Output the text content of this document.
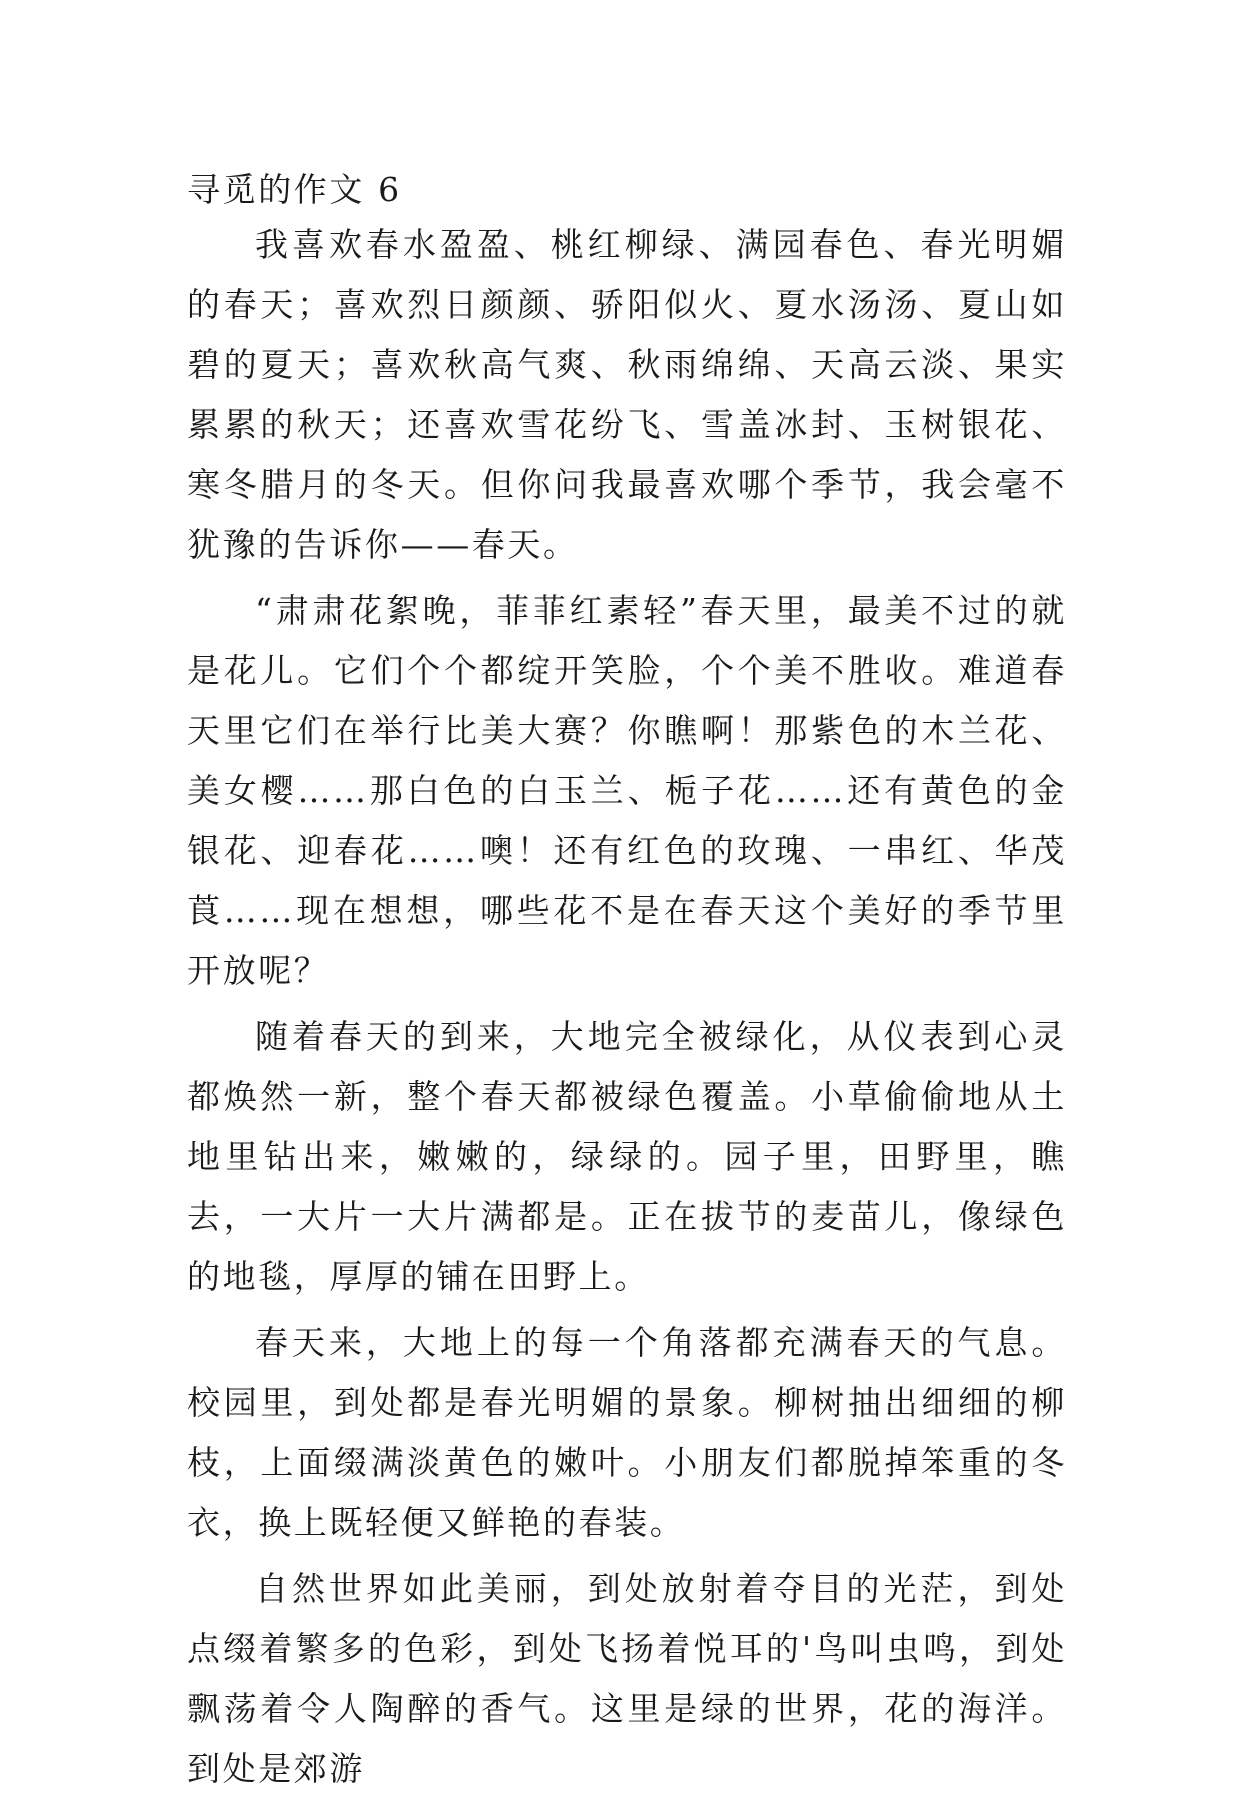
寻觅的作文 6

我喜欢春水盈盈、桃红柳绿、满园春色、春光明媚的春天；喜欢烈日颜颜、骄阳似火、夏水汤汤、夏山如碧的夏天；喜欢秋高气爽、秋雨绵绵、天高云淡、果实累累的秋天；还喜欢雪花纷飞、雪盖冰封、玉树银花、寒冬腊月的冬天。但你问我最喜欢哪个季节，我会毫不犹豫的告诉你——春天。

“肃肃花絮晚，菲菲红素轻”春天里，最美不过的就是花儿。它们个个都绽开笑脸，个个美不胜收。难道春天里它们在举行比美大赛？你瞧啊！那紫色的木兰花、美女樱……那白色的白玉兰、栀子花……还有黄色的金银花、迎春花……噢！还有红色的玫瑰、一串红、华茂莨……现在想想，哪些花不是在春天这个美好的季节里开放呢？

随着春天的到来，大地完全被绿化，从仪表到心灵都焕然一新，整个春天都被绿色覆盖。小草偷偷地从土地里钻出来，嫩嫩的，绿绿的。园子里，田野里，瞧去，一大片一大片满都是。正在拔节的麦苗儿，像绿色的地毯，厚厚的铺在田野上。

春天来，大地上的每一个角落都充满春天的气息。校园里，到处都是春光明媚的景象。柳树抽出细细的柳枝，上面缀满淡黄色的嫩叶。小朋友们都脱掉笨重的冬衣，换上既轻便又鲜艳的春装。

自然世界如此美丽，到处放射着夺目的光茫，到处点缀着繁多的色彩，到处飞扬着悦耳的'鸟叫虫鸣，到处飘荡着令人陶醉的香气。这里是绿的世界，花的海洋。到处是郊游
